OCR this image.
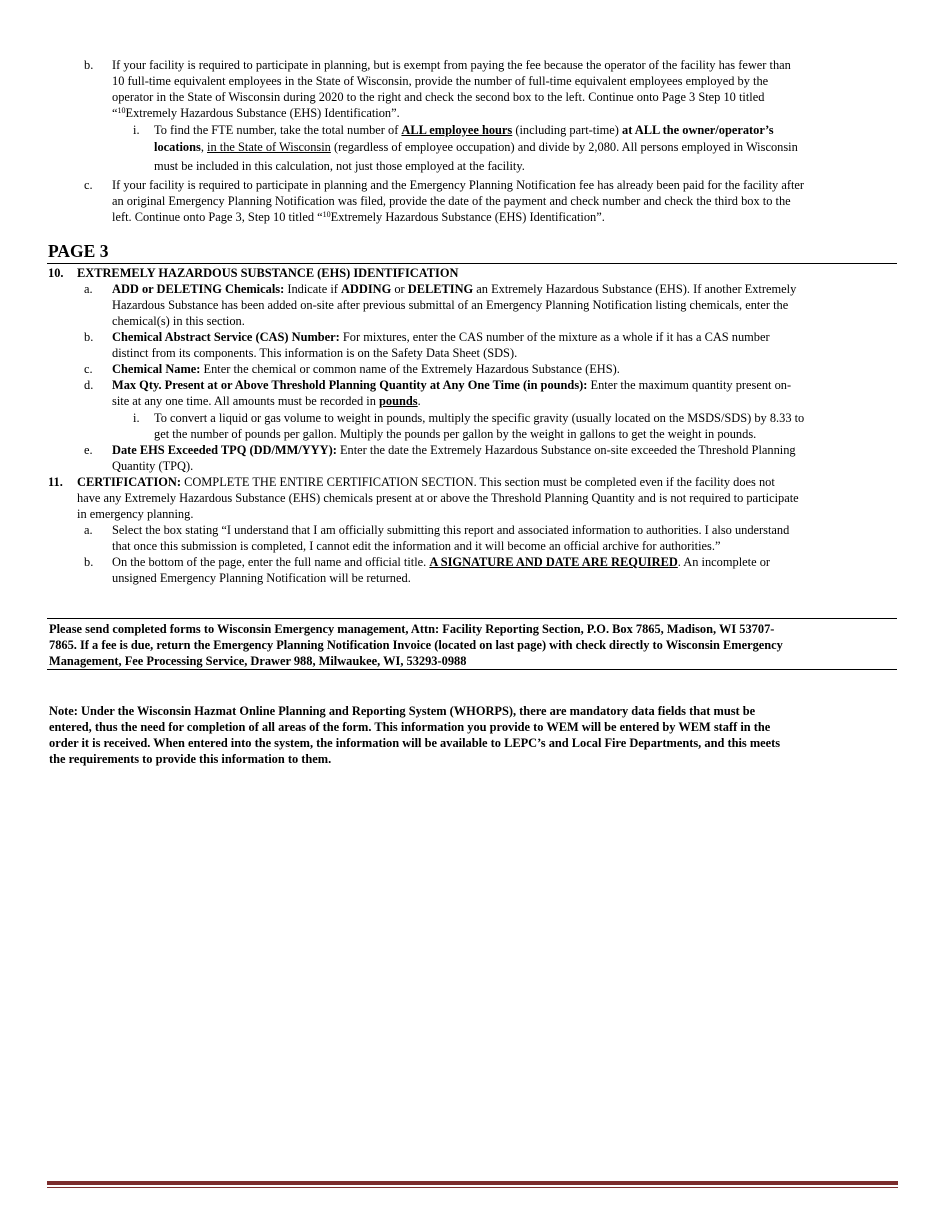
b. If your facility is required to participate in planning, but is exempt from paying the fee because the operator of the facility has fewer than
10 full-time equivalent employees in the State of Wisconsin, provide the number of full-time equivalent employees employed by the
operator in the State of Wisconsin during 2020 to the right and check the second box to the left. Continue onto Page 3 Step 10 titled
“$^{10}$Extremely Hazardous Substance (EHS) Identification”.
i. To find the FTE number, take the total number of ALL employee hours (including part-time) at ALL the owner/operator’s
locations, in the State of Wisconsin (regardless of employee occupation) and divide by 2,080. All persons employed in Wisconsin
must be included in this calculation, not just those employed at the facility.
c. If your facility is required to participate in planning and the Emergency Planning Notification fee has already been paid for the facility after
an original Emergency Planning Notification was filed, provide the date of the payment and check number and check the third box to the
left. Continue onto Page 3, Step 10 titled “$^{10}$Extremely Hazardous Substance (EHS) Identification”.
PAGE 3
10. EXTREMELY HAZARDOUS SUBSTANCE (EHS) IDENTIFICATION
a. ADD or DELETING Chemicals: Indicate if ADDING or DELETING an Extremely Hazardous Substance (EHS). If another Extremely
Hazardous Substance has been added on-site after previous submittal of an Emergency Planning Notification listing chemicals, enter the
chemical(s) in this section.
b. Chemical Abstract Service (CAS) Number: For mixtures, enter the CAS number of the mixture as a whole if it has a CAS number
distinct from its components. This information is on the Safety Data Sheet (SDS).
c. Chemical Name: Enter the chemical or common name of the Extremely Hazardous Substance (EHS).
d. Max Qty. Present at or Above Threshold Planning Quantity at Any One Time (in pounds): Enter the maximum quantity present on-
site at any one time. All amounts must be recorded in pounds.
i. To convert a liquid or gas volume to weight in pounds, multiply the specific gravity (usually located on the MSDS/SDS) by 8.33 to
get the number of pounds per gallon. Multiply the pounds per gallon by the weight in gallons to get the weight in pounds.
e. Date EHS Exceeded TPQ (DD/MM/YYY): Enter the date the Extremely Hazardous Substance on-site exceeded the Threshold Planning
Quantity (TPQ).
11. CERTIFICATION: COMPLETE THE ENTIRE CERTIFICATION SECTION. This section must be completed even if the facility does not
have any Extremely Hazardous Substance (EHS) chemicals present at or above the Threshold Planning Quantity and is not required to participate
in emergency planning.
a. Select the box stating “I understand that I am officially submitting this report and associated information to authorities. I also understand
that once this submission is completed, I cannot edit the information and it will become an official archive for authorities.”
b. On the bottom of the page, enter the full name and official title. A SIGNATURE AND DATE ARE REQUIRED. An incomplete or
unsigned Emergency Planning Notification will be returned.
Please send completed forms to Wisconsin Emergency management, Attn: Facility Reporting Section, P.O. Box 7865, Madison, WI 53707-
7865. If a fee is due, return the Emergency Planning Notification Invoice (located on last page) with check directly to Wisconsin Emergency
Management, Fee Processing Service, Drawer 988, Milwaukee, WI, 53293-0988
Note: Under the Wisconsin Hazmat Online Planning and Reporting System (WHORPS), there are mandatory data fields that must be
entered, thus the need for completion of all areas of the form. This information you provide to WEM will be entered by WEM staff in the
order it is received. When entered into the system, the information will be available to LEPC’s and Local Fire Departments, and this meets
the requirements to provide this information to them.
